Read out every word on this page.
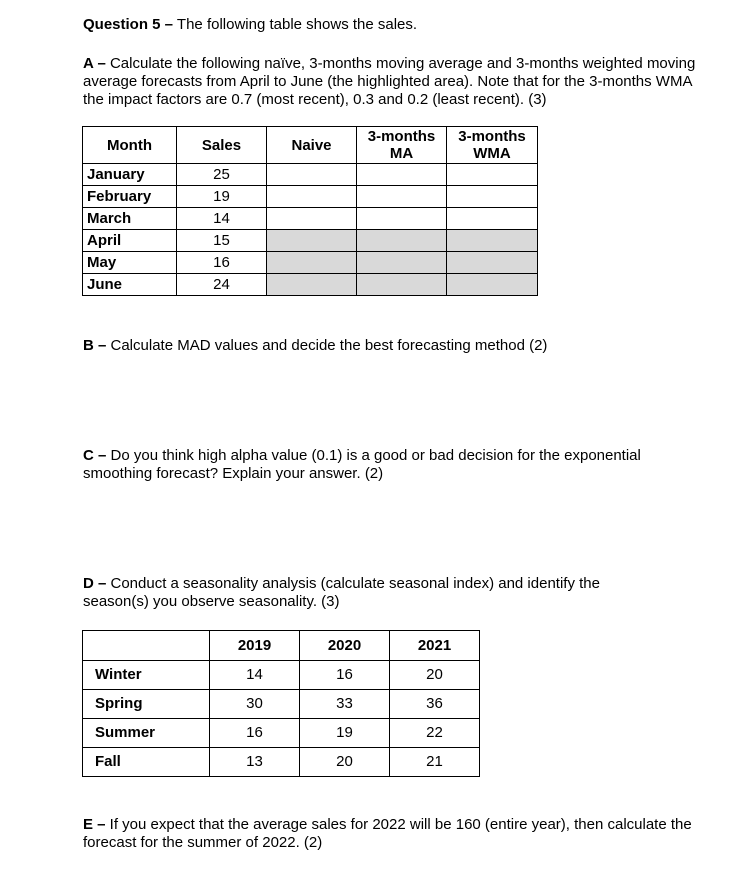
Question 5 – The following table shows the sales.
A – Calculate the following naïve, 3-months moving average and 3-months weighted moving average forecasts from April to June (the highlighted area). Note that for the 3-months WMA the impact factors are 0.7 (most recent), 0.3 and 0.2 (least recent). (3)
Month	Sales	Naive	3-months MA	3-months WMA
January	25			
February	19			
March	14			
April	15			
May	16			
June	24			
B – Calculate MAD values and decide the best forecasting method (2)
C – Do you think high alpha value (0.1) is a good or bad decision for the exponential smoothing forecast? Explain your answer. (2)
D – Conduct a seasonality analysis (calculate seasonal index) and identify the season(s) you observe seasonality. (3)
	2019	2020	2021
Winter	14	16	20
Spring	30	33	36
Summer	16	19	22
Fall	13	20	21
E – If you expect that the average sales for 2022 will be 160 (entire year), then calculate the forecast for the summer of 2022. (2)
